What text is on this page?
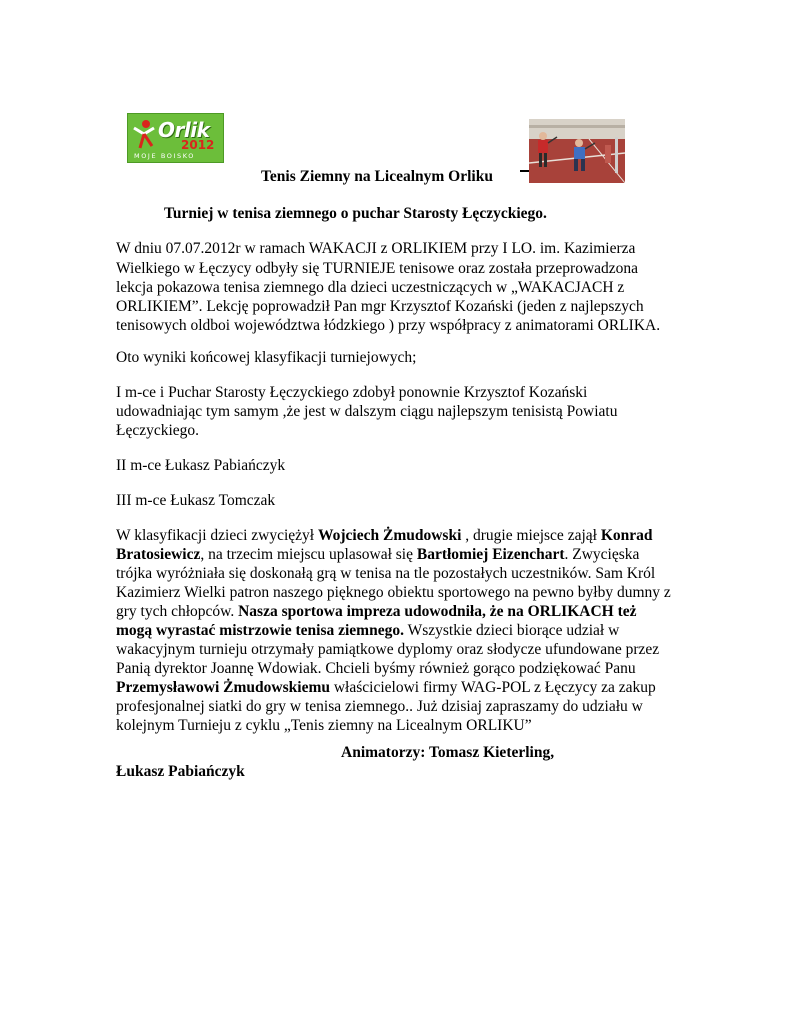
Orlik
2012
MOJE BOISKO
Tenis Ziemny na Licealnym Orliku
Turniej w tenisa ziemnego o puchar Starosty Łęczyckiego.
W dniu 07.07.2012r w ramach WAKACJI z ORLIKIEM przy I LO. im. Kazimierza
Wielkiego w Łęczycy odbyły się TURNIEJE tenisowe oraz została przeprowadzona
lekcja pokazowa tenisa ziemnego dla dzieci uczestniczących w „WAKACJACH z
ORLIKIEM”. Lekcję poprowadził Pan mgr Krzysztof Kozański (jeden z najlepszych
tenisowych oldboi województwa łódzkiego ) przy współpracy z animatorami ORLIKA.
Oto wyniki końcowej klasyfikacji turniejowych;
I m-ce i Puchar Starosty Łęczyckiego zdobył ponownie Krzysztof Kozański
udowadniając tym samym ,że jest w dalszym ciągu najlepszym tenisistą Powiatu
Łęczyckiego.
II m-ce Łukasz Pabiańczyk
III m-ce Łukasz Tomczak
W klasyfikacji dzieci zwyciężył Wojciech Żmudowski , drugie miejsce zajął Konrad
Bratosiewicz, na trzecim miejscu uplasował się Bartłomiej Eizenchart. Zwycięska
trójka wyróżniała się doskonałą grą w tenisa na tle pozostałych uczestników. Sam Król
Kazimierz Wielki patron naszego pięknego obiektu sportowego na pewno byłby dumny z
gry tych chłopców. Nasza sportowa impreza udowodniła, że na ORLIKACH też
mogą wyrastać mistrzowie tenisa ziemnego. Wszystkie dzieci biorące udział w
wakacyjnym turnieju otrzymały pamiątkowe dyplomy oraz słodycze ufundowane przez
Panią dyrektor Joannę Wdowiak. Chcieli byśmy również gorąco podziękować Panu
Przemysławowi Żmudowskiemu właścicielowi firmy WAG-POL z Łęczycy za zakup
profesjonalnej siatki do gry w tenisa ziemnego.. Już dzisiaj zapraszamy do udziału w
kolejnym Turnieju z cyklu „Tenis ziemny na Licealnym ORLIKU”
Animatorzy: Tomasz Kieterling,
Łukasz Pabiańczyk
